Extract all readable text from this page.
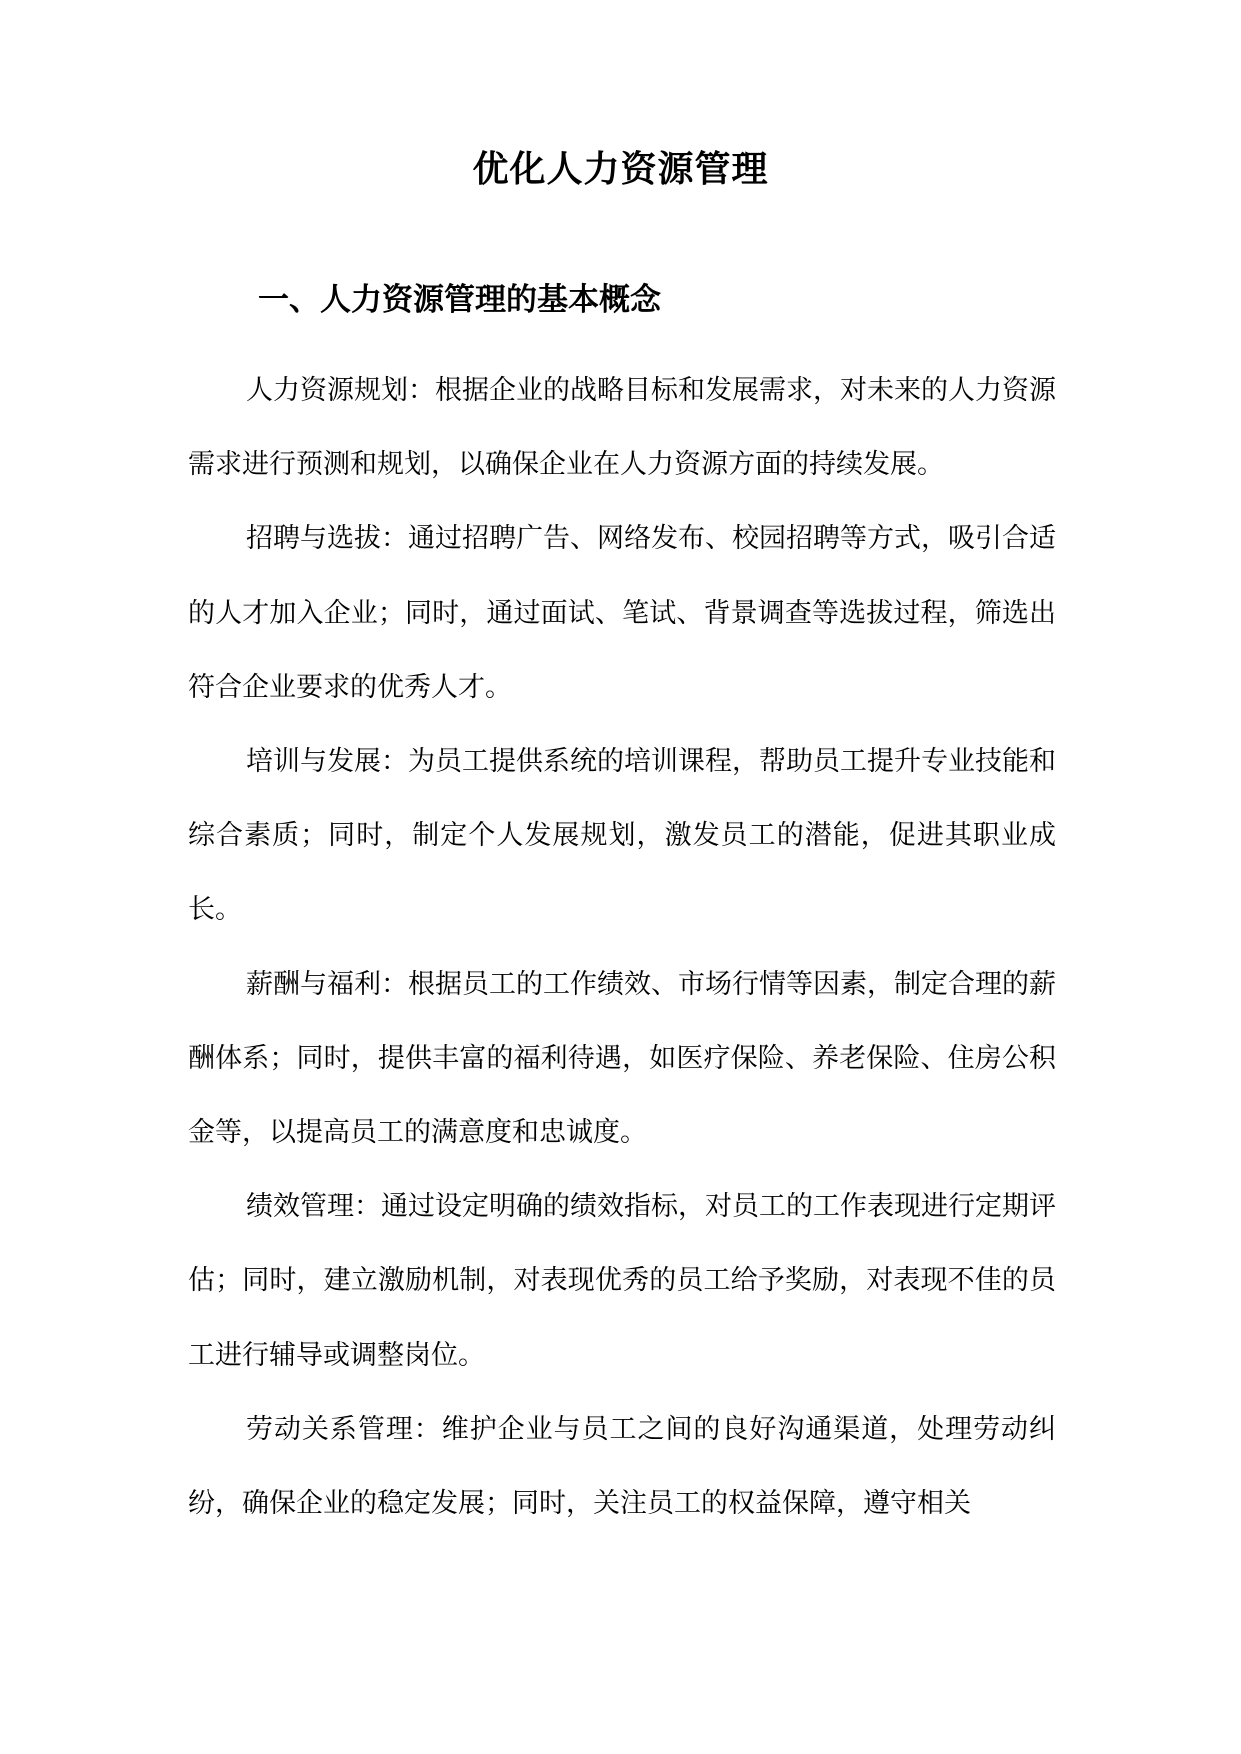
优化人力资源管理
一、人力资源管理的基本概念

人力资源规划：根据企业的战略目标和发展需求，对未来的人力资源需求进行预测和规划，以确保企业在人力资源方面的持续发展。

招聘与选拔：通过招聘广告、网络发布、校园招聘等方式，吸引合适的人才加入企业；同时，通过面试、笔试、背景调查等选拔过程，筛选出符合企业要求的优秀人才。

培训与发展：为员工提供系统的培训课程，帮助员工提升专业技能和综合素质；同时，制定个人发展规划，激发员工的潜能，促进其职业成长。

薪酬与福利：根据员工的工作绩效、市场行情等因素，制定合理的薪酬体系；同时，提供丰富的福利待遇，如医疗保险、养老保险、住房公积金等，以提高员工的满意度和忠诚度。

绩效管理：通过设定明确的绩效指标，对员工的工作表现进行定期评估；同时，建立激励机制，对表现优秀的员工给予奖励，对表现不佳的员工进行辅导或调整岗位。

劳动关系管理：维护企业与员工之间的良好沟通渠道，处理劳动纠纷，确保企业的稳定发展；同时，关注员工的权益保障，遵守相关
